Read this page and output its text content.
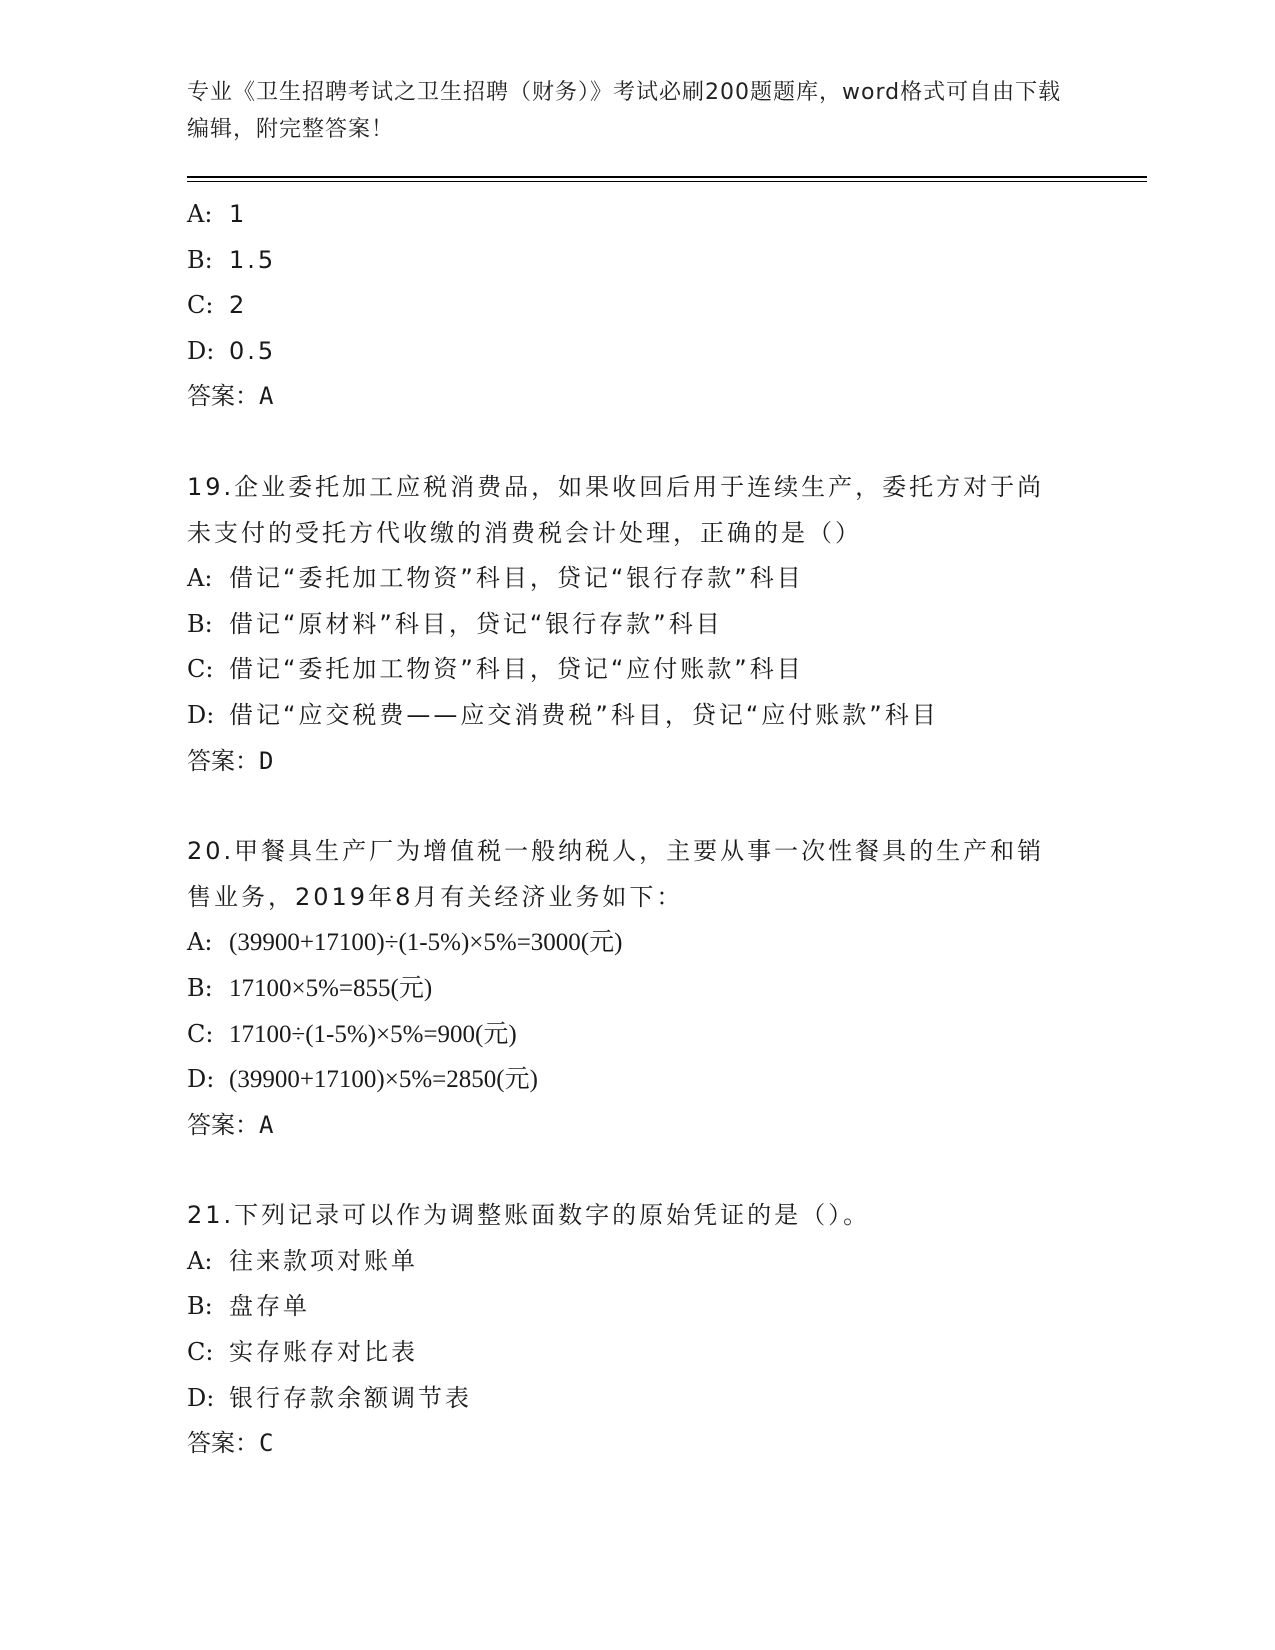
专业《卫生招聘考试之卫生招聘（财务）》考试必刷200题题库，word格式可自由下载编辑，附完整答案！
A: 1
B: 1.5
C: 2
D: 0.5
答案：A
19.企业委托加工应税消费品，如果收回后用于连续生产，委托方对于尚未支付的受托方代收缴的消费税会计处理，正确的是（）
A: 借记“委托加工物资”科目，贷记“银行存款”科目
B: 借记“原材料”科目，贷记“银行存款”科目
C: 借记“委托加工物资”科目，贷记“应付账款”科目
D: 借记“应交税费——应交消费税”科目，贷记“应付账款”科目
答案：D
20.甲餐具生产厂为增值税一般纳税人，主要从事一次性餐具的生产和销售业务，2019年8月有关经济业务如下：
A: (39900+17100)÷(1-5%)×5%=3000(元)
B: 17100×5%=855(元)
C: 17100÷(1-5%)×5%=900(元)
D: (39900+17100)×5%=2850(元)
答案：A
21.下列记录可以作为调整账面数字的原始凭证的是（）。
A: 往来款项对账单
B: 盘存单
C: 实存账存对比表
D: 银行存款余额调节表
答案：C
